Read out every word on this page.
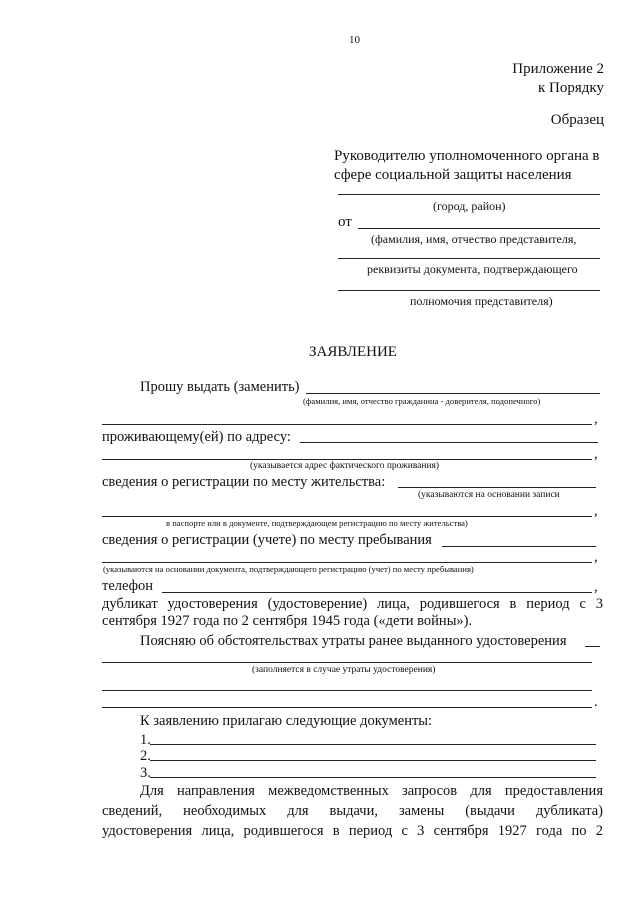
10
Приложение 2
к Порядку
Образец
Руководителю уполномоченного органа в
сфере социальной защиты населения
(город, район)
от
(фамилия, имя, отчество представителя,
реквизиты документа, подтверждающего
полномочия представителя)
ЗАЯВЛЕНИЕ
Прошу выдать (заменить)
(фамилия, имя, отчество гражданина - доверителя, подопечного)
,
проживающему(ей) по адресу:
,
(указывается адрес фактического проживания)
сведения о регистрации по месту жительства:
(указываются на основании записи
,
в паспорте или в документе, подтверждающем регистрацию по месту жительства)
сведения о регистрации (учете) по месту пребывания
,
(указываются на основании документа, подтверждающего регистрацию (учет) по месту пребывания)
телефон	,
дубликат удостоверения (удостоверение) лица, родившегося в период с 3
сентября 1927 года по 2 сентября 1945 года («дети войны»).
Поясняю об обстоятельствах утраты ранее выданного удостоверения
(заполняется в случае утраты удостоверения)
.
К заявлению прилагаю следующие документы:
1.
2.
3.
Для направления межведомственных запросов для предоставления
сведений, необходимых для выдачи, замены (выдачи дубликата)
удостоверения лица, родившегося в период с 3 сентября 1927 года по 2
